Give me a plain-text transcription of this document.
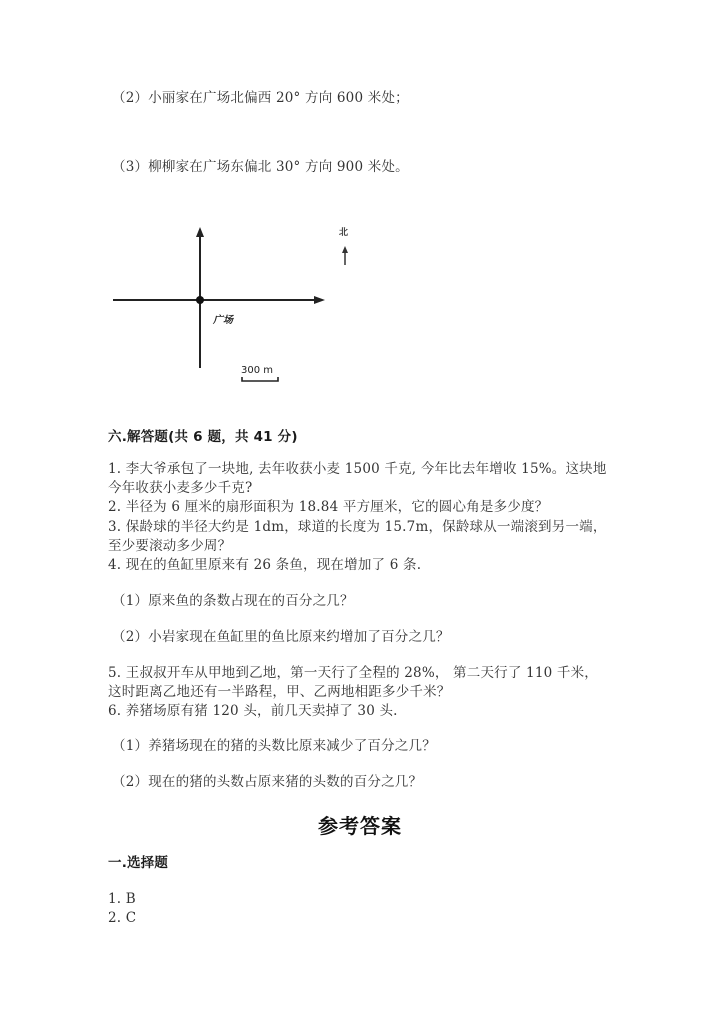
（2）小丽家在广场北偏西 20° 方向 600 米处；
（3）柳柳家在广场东偏北 30° 方向 900 米处。
广场
北
300 m
六.解答题(共 6 题，共 41 分)
1. 李大爷承包了一块地, 去年收获小麦 1500 千克, 今年比去年增收 15%。这块地
今年收获小麦多少千克?
2. 半径为 6 厘米的扇形面积为 18.84 平方厘米，它的圆心角是多少度？
3. 保龄球的半径大约是 1dm，球道的长度为 15.7m，保龄球从一端滚到另一端，
至少要滚动多少周？
4. 现在的鱼缸里原来有 26 条鱼，现在增加了 6 条.
（1）原来鱼的条数占现在的百分之几？
（2）小岩家现在鱼缸里的鱼比原来约增加了百分之几？
5. 王叔叔开车从甲地到乙地，第一天行了全程的 28%， 第二天行了 110 千米，
这时距离乙地还有一半路程，甲、乙两地相距多少千米？
6. 养猪场原有猪 120 头，前几天卖掉了 30 头.
（1）养猪场现在的猪的头数比原来减少了百分之几？
（2）现在的猪的头数占原来猪的头数的百分之几？
参考答案
一.选择题
1. B
2. C
